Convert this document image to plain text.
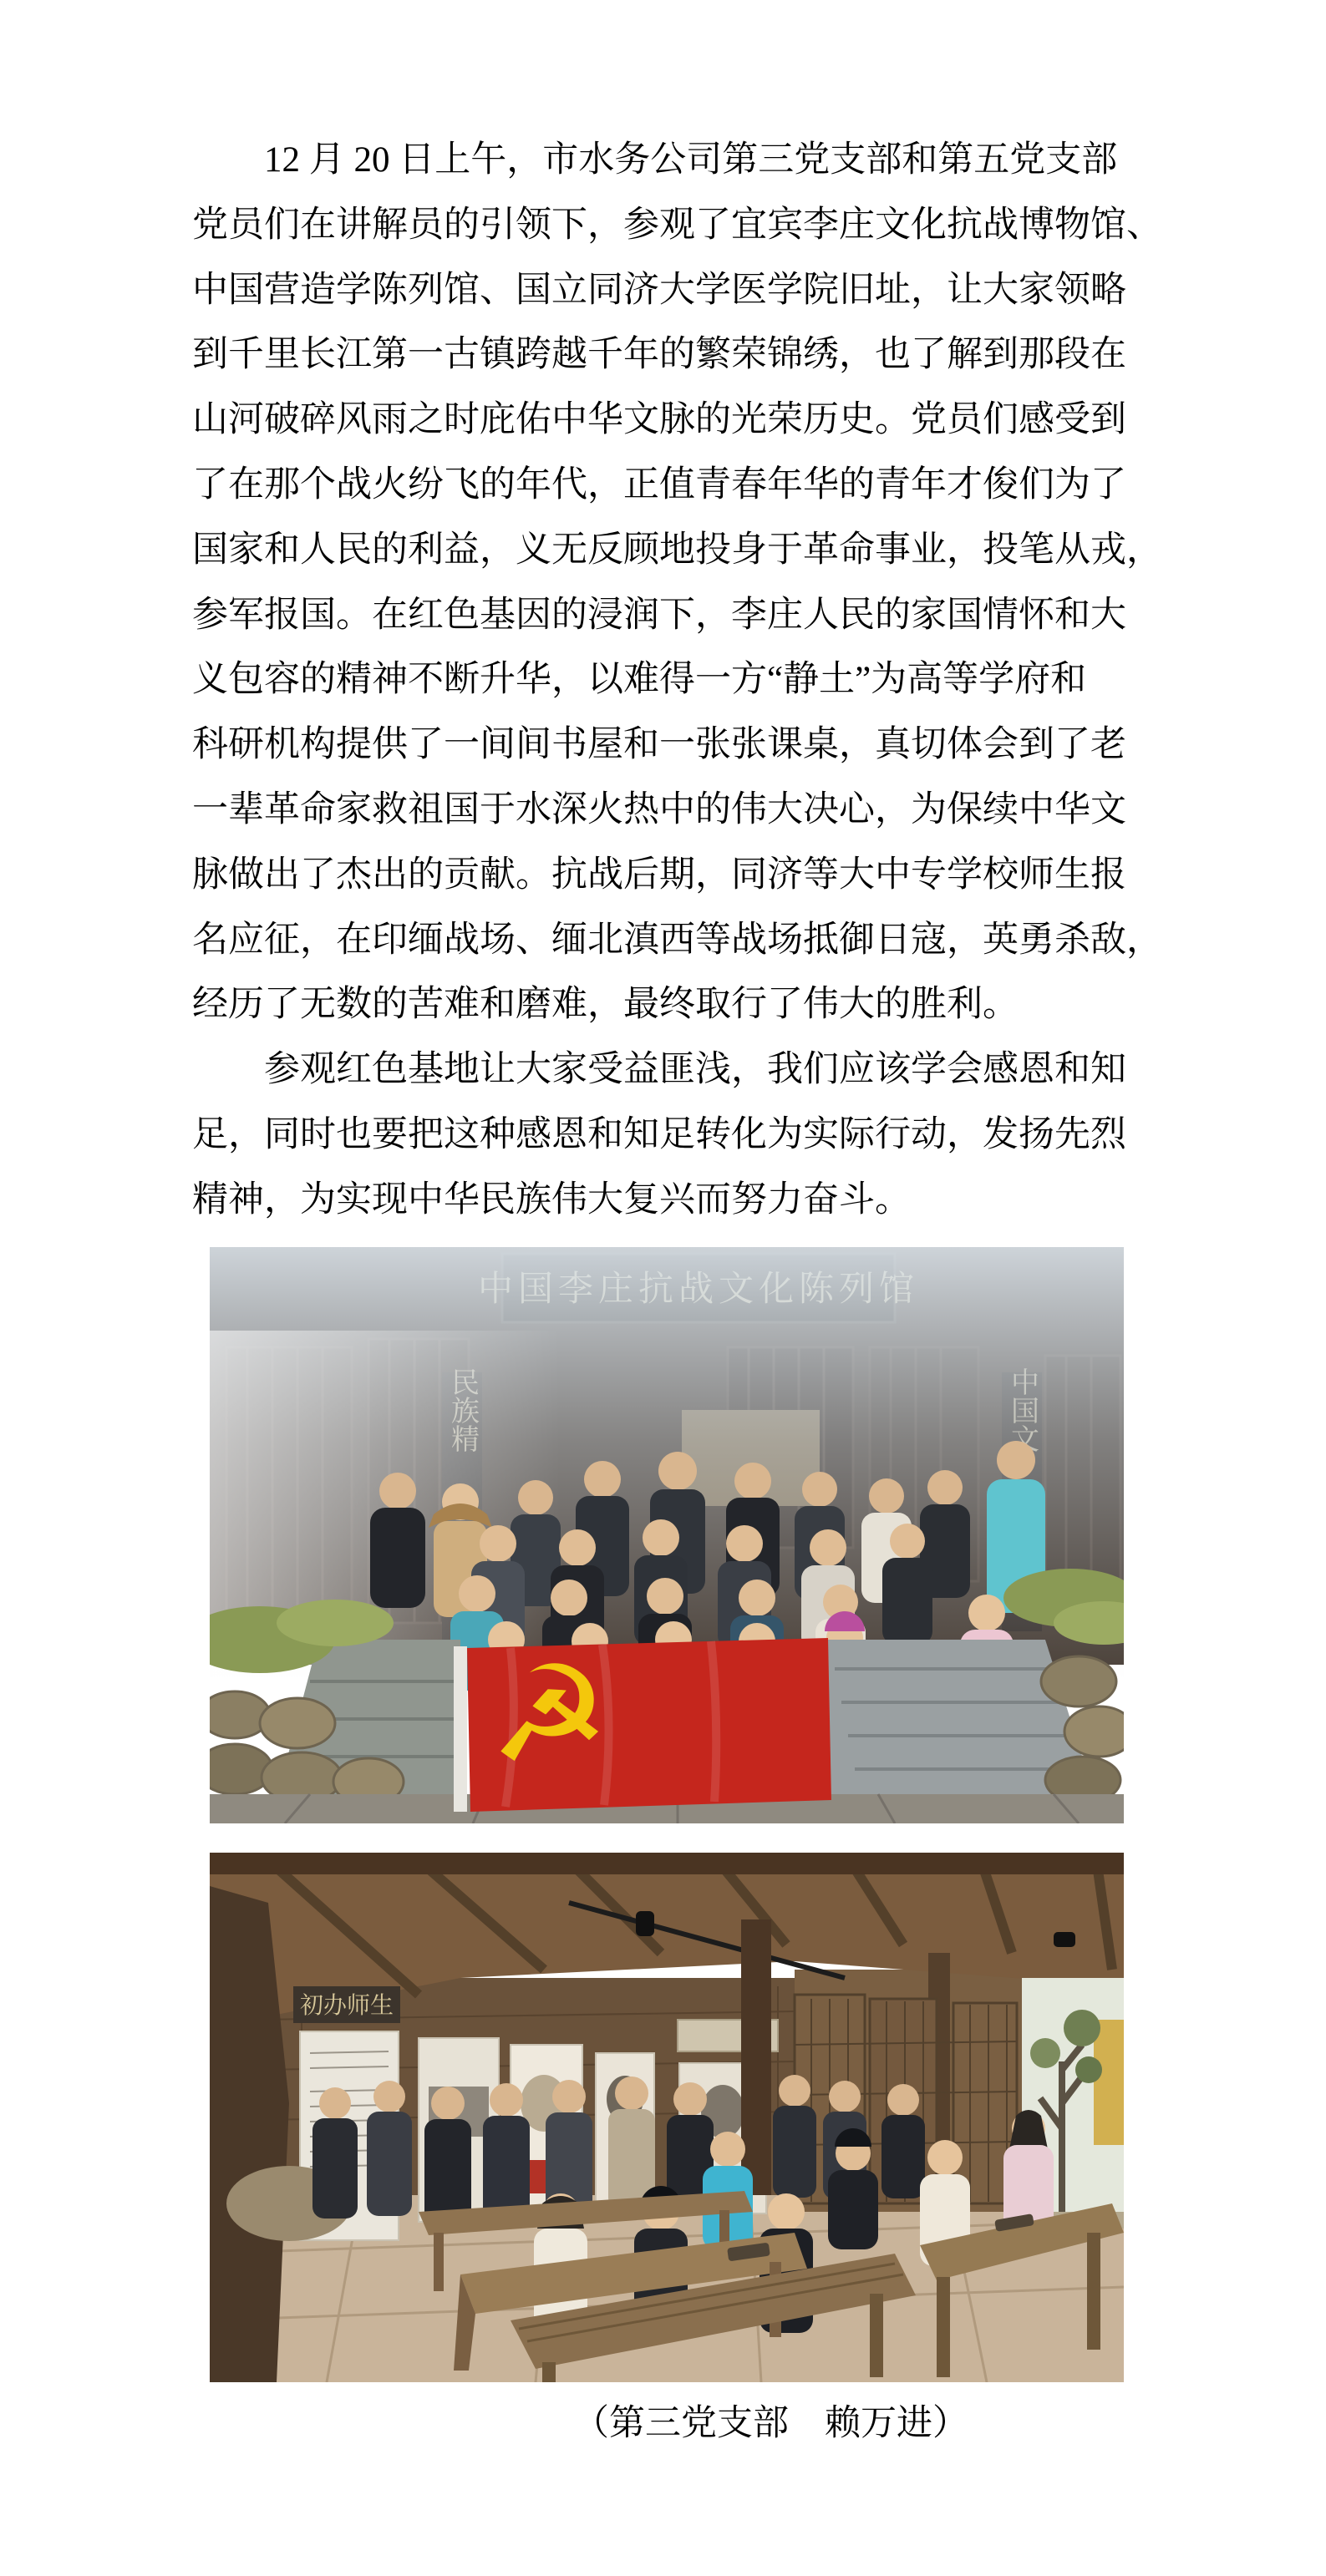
12 月 20 日上午，市水务公司第三党支部和第五党支部
党员们在讲解员的引领下，参观了宜宾李庄文化抗战博物馆、
中国营造学陈列馆、国立同济大学医学院旧址，让大家领略
到千里长江第一古镇跨越千年的繁荣锦绣，也了解到那段在
山河破碎风雨之时庇佑中华文脉的光荣历史。党员们感受到
了在那个战火纷飞的年代，正值青春年华的青年才俊们为了
国家和人民的利益，义无反顾地投身于革命事业，投笔从戎，
参军报国。在红色基因的浸润下，李庄人民的家国情怀和大
义包容的精神不断升华，以难得一方“静土”为高等学府和
科研机构提供了一间间书屋和一张张课桌，真切体会到了老
一辈革命家救祖国于水深火热中的伟大决心，为保续中华文
脉做出了杰出的贡献。抗战后期，同济等大中专学校师生报
名应征，在印缅战场、缅北滇西等战场抵御日寇，英勇杀敌，
经历了无数的苦难和磨难，最终取行了伟大的胜利。
参观红色基地让大家受益匪浅，我们应该学会感恩和知
足，同时也要把这种感恩和知足转化为实际行动，发扬先烈
精神，为实现中华民族伟大复兴而努力奋斗。
☭
初办师生
（第三党支部　赖万进）
